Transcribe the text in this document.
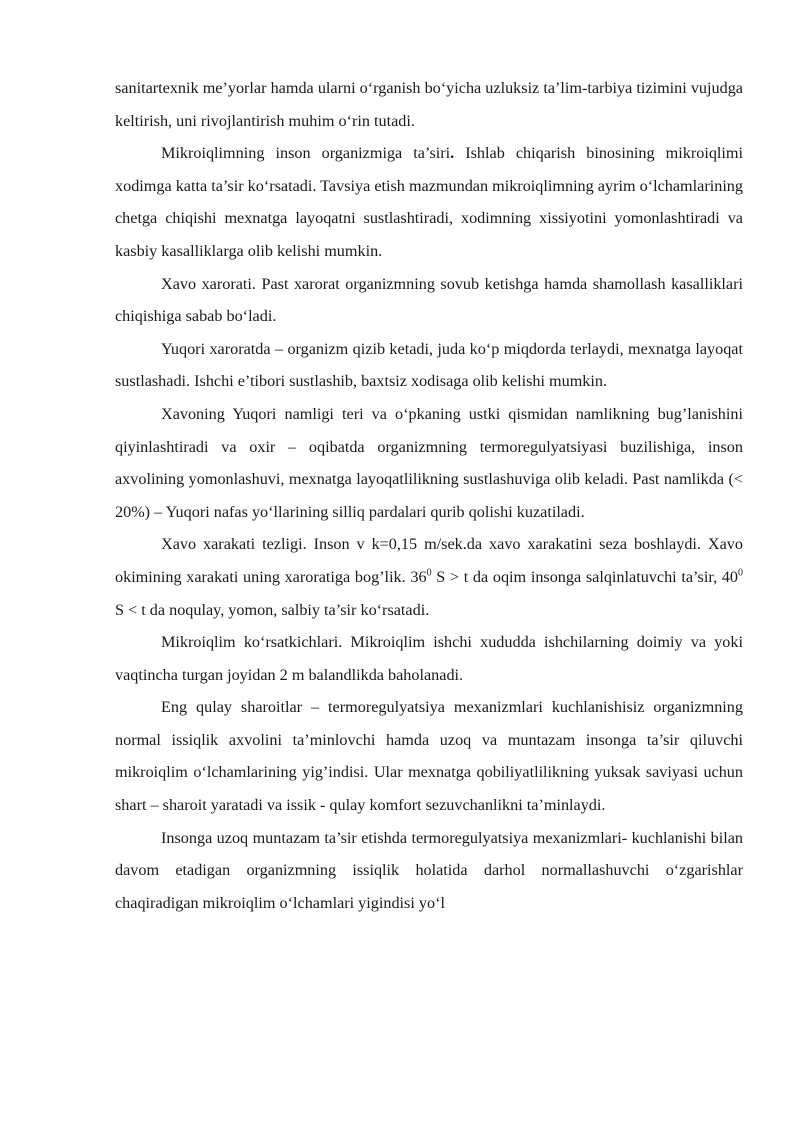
sanitartexnik me’yorlar hamda ularni o‘rganish bo‘yicha uzluksiz ta’lim-tarbiya tizimini vujudga keltirish, uni rivojlantirish muhim o‘rin tutadi.

Mikroiqlimning inson organizmiga ta’siri. Ishlab chiqarish binosining mikroiqlimi xodimga katta ta’sir ko‘rsatadi. Tavsiya etish mazmundan mikroiqlimning ayrim o‘lchamlarining chetga chiqishi mexnatga layoqatni sustlashtiradi, xodimning xissiyotini yomonlashtiradi va kasbiy kasalliklarga olib kelishi mumkin.

Xavo xarorati. Past xarorat organizmning sovub ketishga hamda shamollash kasalliklari chiqishiga sabab bo‘ladi.

Yuqori xaroratda – organizm qizib ketadi, juda ko‘p miqdorda terlaydi, mexnatga layoqat sustlashadi. Ishchi e’tibori sustlashib, baxtsiz xodisaga olib kelishi mumkin.

Xavoning Yuqori namligi teri va o‘pkaning ustki qismidan namlikning bug’lanishini qiyinlashtiradi va oxir – oqibatda organizmning termoregulyatsiyasi buzilishiga, inson axvolining yomonlashuvi, mexnatga layoqatlilikning sustlashuviga olib keladi. Past namlikda (< 20%) – Yuqori nafas yo‘llarining silliq pardalari qurib qolishi kuzatiladi.

Xavo xarakati tezligi. Inson v k=0,15 m/sek.da xavo xarakatini seza boshlaydi. Xavo okimining xarakati uning xaroratiga bog’lik. $36^0$ S > t da oqim insonga salqinlatuvchi ta’sir, $40^0$ S < t da noqulay, yomon, salbiy ta’sir ko‘rsatadi.

Mikroiqlim ko‘rsatkichlari. Mikroiqlim ishchi xududda ishchilarning doimiy va yoki vaqtincha turgan joyidan 2 m balandlikda baholanadi.

Eng qulay sharoitlar – termoregulyatsiya mexanizmlari kuchlanishisiz organizmning normal issiqlik axvolini ta’minlovchi hamda uzoq va muntazam insonga ta’sir qiluvchi mikroiqlim o‘lchamlarining yig’indisi. Ular mexnatga qobiliyatlilikning yuksak saviyasi uchun shart – sharoit yaratadi va issik - qulay komfort sezuvchanlikni ta’minlaydi.

Insonga uzoq muntazam ta’sir etishda termoregulyatsiya mexanizmlari- kuchlanishi bilan davom etadigan organizmning issiqlik holatida darhol normallashuvchi o‘zgarishlar chaqiradigan mikroiqlim o‘lchamlari yigindisi yo‘l
